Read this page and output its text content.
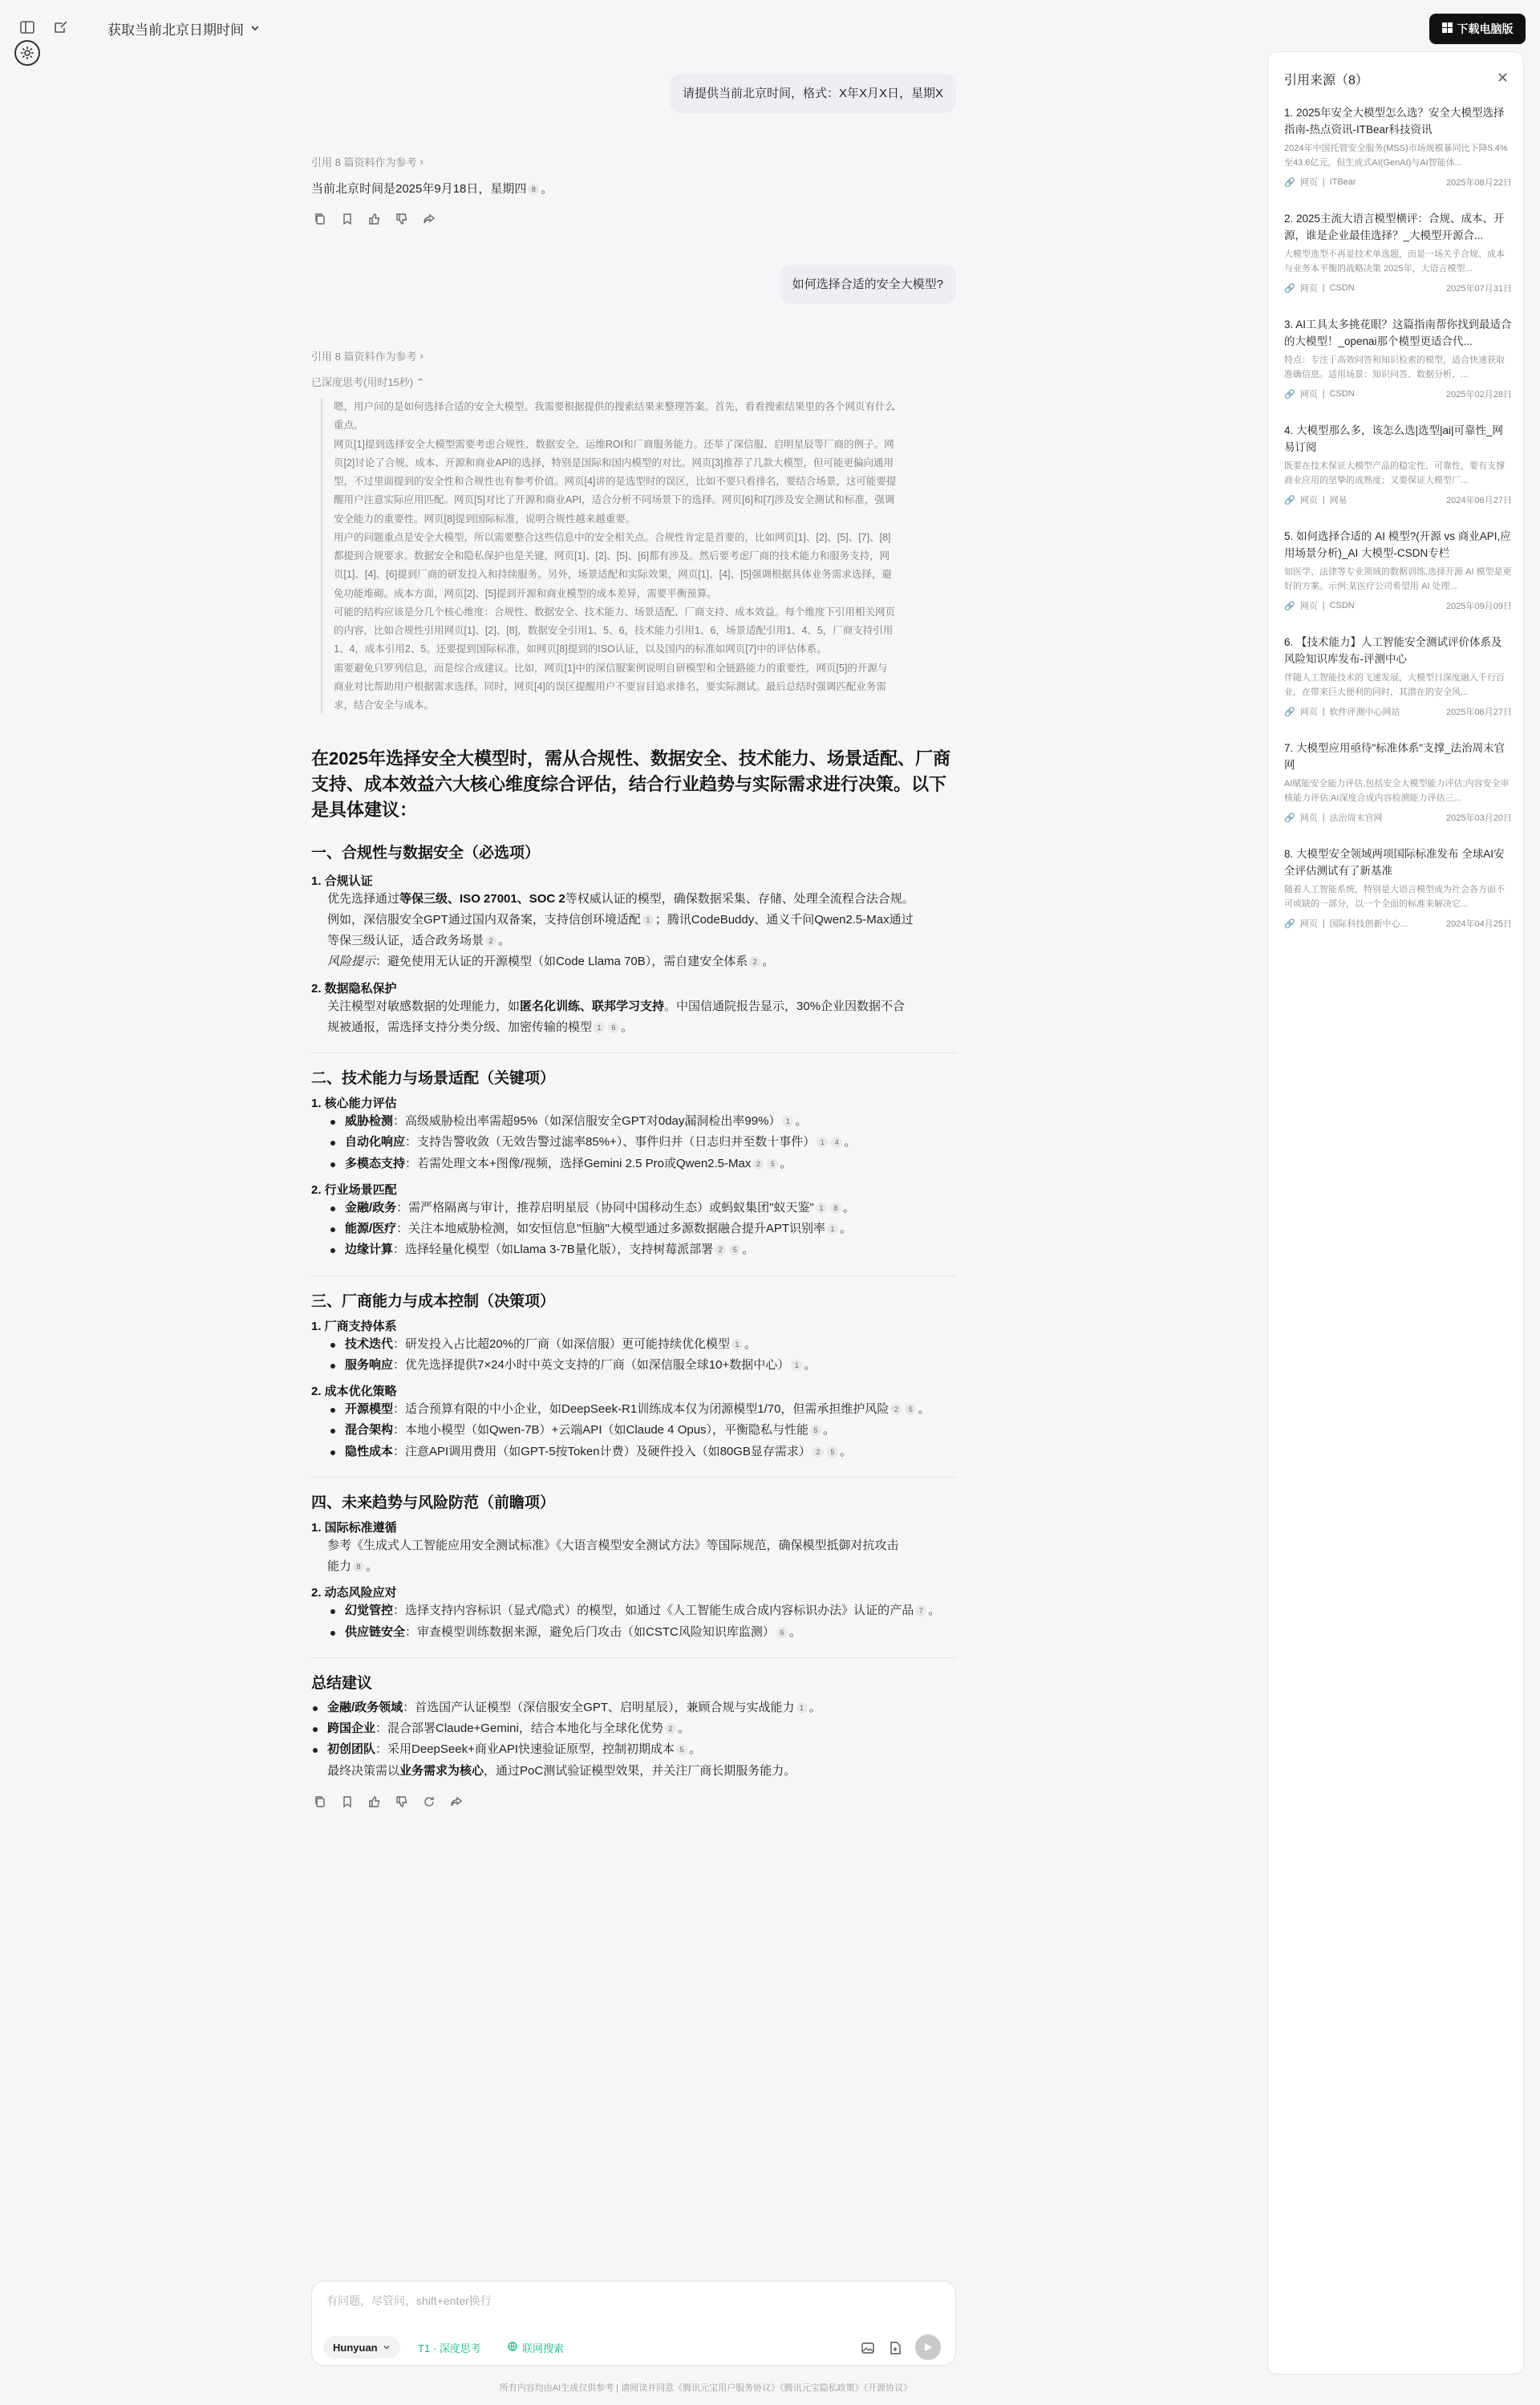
获取当前北京日期时间	下载电脑版
请提供当前北京时间，格式：X年X月X日，星期X
引用 8 篇资料作为参考 ›
当前北京时间是2025年9月18日，星期四 8 。
如何选择合适的安全大模型?
引用 8 篇资料作为参考 ›
已深度思考(用时15秒) ⌃
嗯，用户问的是如何选择合适的安全大模型。我需要根据提供的搜索结果来整理答案。首先，看看搜索结果里的各个网页有什么
重点。
网页[1]提到选择安全大模型需要考虑合规性、数据安全、运维ROI和厂商服务能力。还举了深信服、启明星辰等厂商的例子。网
页[2]讨论了合规、成本、开源和商业API的选择，特别是国际和国内模型的对比。网页[3]推荐了几款大模型，但可能更偏向通用
型，不过里面提到的安全性和合规性也有参考价值。网页[4]讲的是选型时的误区，比如不要只看排名，要结合场景，这可能要提
醒用户注意实际应用匹配。网页[5]对比了开源和商业API，适合分析不同场景下的选择。网页[6]和[7]涉及安全测试和标准，强调
安全能力的重要性。网页[8]提到国际标准，说明合规性越来越重要。
用户的问题重点是安全大模型，所以需要整合这些信息中的安全相关点。合规性肯定是首要的，比如网页[1]、[2]、[5]、[7]、[8]
都提到合规要求。数据安全和隐私保护也是关键，网页[1]、[2]、[5]、[6]都有涉及。然后要考虑厂商的技术能力和服务支持，网
页[1]、[4]、[6]提到厂商的研发投入和持续服务。另外，场景适配和实际效果，网页[1]、[4]、[5]强调根据具体业务需求选择，避
免功能堆砌。成本方面，网页[2]、[5]提到开源和商业模型的成本差异，需要平衡预算。
可能的结构应该是分几个核心维度：合规性、数据安全、技术能力、场景适配、厂商支持、成本效益。每个维度下引用相关网页
的内容，比如合规性引用网页[1]、[2]、[8]，数据安全引用1、5、6，技术能力引用1、6，场景适配引用1、4、5，厂商支持引用
1、4，成本引用2、5。还要提到国际标准，如网页[8]提到的ISO认证，以及国内的标准如网页[7]中的评估体系。
需要避免只罗列信息，而是综合成建议。比如，网页[1]中的深信服案例说明自研模型和全链路能力的重要性，网页[5]的开源与
商业对比帮助用户根据需求选择。同时，网页[4]的误区提醒用户不要盲目追求排名，要实际测试。最后总结时强调匹配业务需
求，结合安全与成本。
在2025年选择安全大模型时，需从合规性、数据安全、技术能力、场景适配、厂商支持、成本效益六大核心维度综合评估，结合行业趋势与实际需求进行决策。以下是具体建议：
一、合规性与数据安全（必选项）
1. 合规认证
优先选择通过等保三级、ISO 27001、SOC 2等权威认证的模型，确保数据采集、存储、处理全流程合法合规。
例如，深信服安全GPT通过国内双备案，支持信创环境适配 1 ；腾讯CodeBuddy、通义千问Qwen2.5-Max通过
等保三级认证，适合政务场景 2 。
风险提示：避免使用无认证的开源模型（如Code Llama 70B），需自建安全体系 2 。
2. 数据隐私保护
关注模型对敏感数据的处理能力，如匿名化训练、联邦学习支持。中国信通院报告显示，30%企业因数据不合
规被通报，需选择支持分类分级、加密传输的模型 1 6 。
二、技术能力与场景适配（关键项）
1. 核心能力评估
威胁检测：高级威胁检出率需超95%（如深信服安全GPT对0day漏洞检出率99%） 1 。
自动化响应：支持告警收敛（无效告警过滤率85%+）、事件归并（日志归并至数十事件） 1 4 。
多模态支持：若需处理文本+图像/视频，选择Gemini 2.5 Pro或Qwen2.5-Max 2 5 。
2. 行业场景匹配
金融/政务：需严格隔离与审计，推荐启明星辰（协同中国移动生态）或蚂蚁集团"蚁天鉴" 1 8 。
能源/医疗：关注本地威胁检测，如安恒信息"恒脑"大模型通过多源数据融合提升APT识别率 1 。
边缘计算：选择轻量化模型（如Llama 3-7B量化版），支持树莓派部署 2 5 。
三、厂商能力与成本控制（决策项）
1. 厂商支持体系
技术迭代：研发投入占比超20%的厂商（如深信服）更可能持续优化模型 1 。
服务响应：优先选择提供7×24小时中英文支持的厂商（如深信服全球10+数据中心） 1 。
2. 成本优化策略
开源模型：适合预算有限的中小企业，如DeepSeek-R1训练成本仅为闭源模型1/70，但需承担维护风险 2 5 。
混合架构：本地小模型（如Qwen-7B）+云端API（如Claude 4 Opus），平衡隐私与性能 5 。
隐性成本：注意API调用费用（如GPT-5按Token计费）及硬件投入（如80GB显存需求） 2 5 。
四、未来趋势与风险防范（前瞻项）
1. 国际标准遵循
参考《生成式人工智能应用安全测试标准》《大语言模型安全测试方法》等国际规范，确保模型抵御对抗攻击
能力 8 。
2. 动态风险应对
幻觉管控：选择支持内容标识（显式/隐式）的模型，如通过《人工智能生成合成内容标识办法》认证的产品 7 。
供应链安全：审查模型训练数据来源，避免后门攻击（如CSTC风险知识库监测） 6 。
总结建议
金融/政务领域：首选国产认证模型（深信服安全GPT、启明星辰），兼顾合规与实战能力 1 。
跨国企业：混合部署Claude+Gemini，结合本地化与全球化优势 2 。
初创团队：采用DeepSeek+商业API快速验证原型，控制初期成本 5 。
最终决策需以业务需求为核心，通过PoC测试验证模型效果，并关注厂商长期服务能力。
有问题，尽管问，shift+enter换行
Hunyuan	T1 · 深度思考	联网搜索
所有内容均由AI生成仅供参考 | 请阅读并同意《腾讯元宝用户服务协议》《腾讯元宝隐私政策》《开源协议》
引用来源（8）	✕
1. 2025年安全大模型怎么选？安全大模型选择指南-热点资讯-ITBear科技资讯
2024年中国托管安全服务(MSS)市场规模暴同比下降5.4%至43.6亿元，但生成式AI(GenAI)与AI智能体...
🔗 网页 | ITBear	2025年08月22日
2. 2025主流大语言模型横评：合规、成本、开源，谁是企业最佳选择？_大模型开源合...
大模型选型不再是技术单选题，而是一场关乎合规、成本与业务本平衡的战略决策 2025年，大语言模型...
🔗 网页 | CSDN	2025年07月31日
3. AI工具太多挑花眼？这篇指南帮你找到最适合的大模型！_openai那个模型更适合代...
特点：专注于高效问答和知识检索的模型，适合快速获取准确信息。适用场景：知识问答、数据分析、...
🔗 网页 | CSDN	2025年02月28日
4. 大模型那么多，该怎么选|选型|ai|可靠性_网易订阅
既要在技术保证大模型产品的稳定性、可靠性，要有支撑商业应用的坚挚的成熟度；又要保证大模型厂...
🔗 网页 | 网易	2024年06月27日
5. 如何选择合适的 AI 模型?(开源 vs 商业API,应用场景分析)_AI 大模型-CSDN专栏
如医学、法律等专业领域的数据训练,选择开源 AI 模型是更好的方案。示例:某医疗公司希望用 AI 处理...
🔗 网页 | CSDN	2025年09月09日
6. 【技术能力】人工智能安全测试评价体系及风险知识库发布-评测中心
伴随人工智能技术的飞速发展，大模型日深度融入千行百业，在带来巨大便利的同时，其潜在的安全风...
🔗 网页 | 软件评测中心网站	2025年06月27日
7. 大模型应用亟待"标准体系"支撑_法治周末官网
AI赋能安全能力评估,包括安全大模型能力评估;内容安全审核能力评估;AI深度合成内容检测能力评估三...
🔗 网页 | 法治周末官网	2025年03月20日
8. 大模型安全领域两项国际标准发布 全球AI安全评估测试有了新基准
随着人工智能系统，特别是大语言模型成为社会各方面不可或缺的一部分，以一个全面的标准来解决它...
🔗 网页 | 国际科技创新中心...	2024年04月25日
